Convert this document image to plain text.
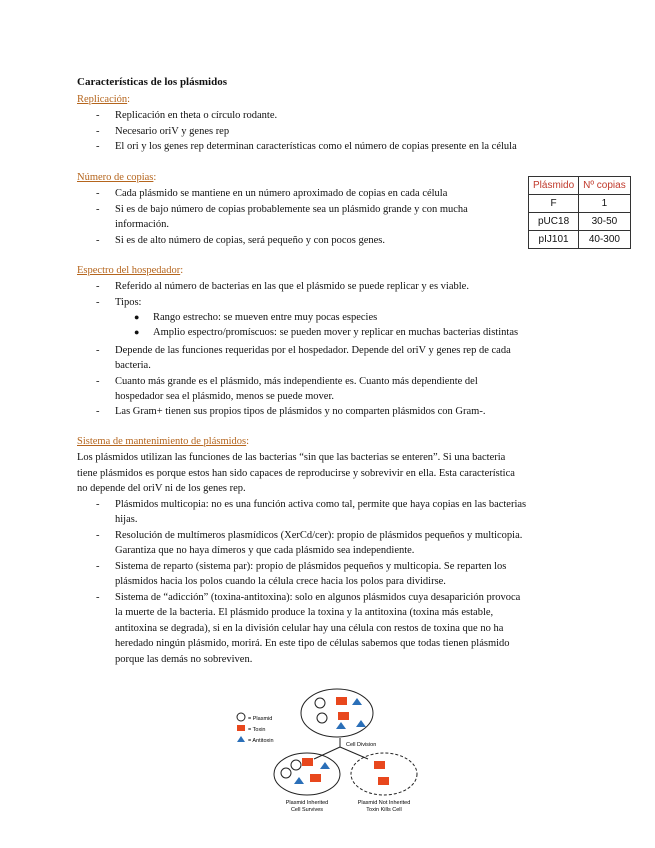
Características de los plásmidos
Replicación:
- Replicación en theta o círculo rodante.
- Necesario oriV y genes rep
- El ori y los genes rep determinan características como el número de copias presente en la célula
Número de copias:
- Cada plásmido se mantiene en un número aproximado de copias en cada célula
- Si es de bajo número de copias probablemente sea un plásmido grande y con mucha
información.
- Si es de alto número de copias, será pequeño y con pocos genes.
Plásmido	Nº copias
F	1
pUC18	30-50
pIJ101	40-300
Espectro del hospedador:
- Referido al número de bacterias en las que el plásmido se puede replicar y es viable.
- Tipos:
● Rango estrecho: se mueven entre muy pocas especies
● Amplio espectro/promíscuos: se pueden mover y replicar en muchas bacterias distintas
- Depende de las funciones requeridas por el hospedador. Depende del oriV y genes rep de cada
bacteria.
- Cuanto más grande es el plásmido, más independiente es. Cuanto más dependiente del
hospedador sea el plásmido, menos se puede mover.
- Las Gram+ tienen sus propios tipos de plásmidos y no comparten plásmidos con Gram-.
Sistema de mantenimiento de plásmidos:
Los plásmidos utilizan las funciones de las bacterias “sin que las bacterias se enteren”. Si una bacteria
tiene plásmidos es porque estos han sido capaces de reproducirse y sobrevivir en ella. Esta característica
no depende del oriV ni de los genes rep.
- Plásmidos multicopia: no es una función activa como tal, permite que haya copias en las bacterias
hijas.
- Resolución de multímeros plasmídicos (XerCd/cer): propio de plásmidos pequeños y multicopia.
Garantiza que no haya dímeros y que cada plásmido sea independiente.
- Sistema de reparto (sistema par): propio de plásmidos pequeños y multicopia. Se reparten los
plásmidos hacia los polos cuando la célula crece hacia los polos para dividirse.
- Sistema de “adicción” (toxina-antitoxina): solo en algunos plásmidos cuya desaparición provoca
la muerte de la bacteria. El plásmido produce la toxina y la antitoxina (toxina más estable,
antitoxina se degrada), si en la división celular hay una célula con restos de toxina que no ha
heredado ningún plásmido, morirá. En este tipo de células sabemos que todas tienen plásmido
porque las demás no sobreviven.
= Plasmid
= Toxin
= Antitoxin
Cell Division
Plasmid Inherited
Cell Survives
Plasmid Not Inherited
Toxin Kills Cell
